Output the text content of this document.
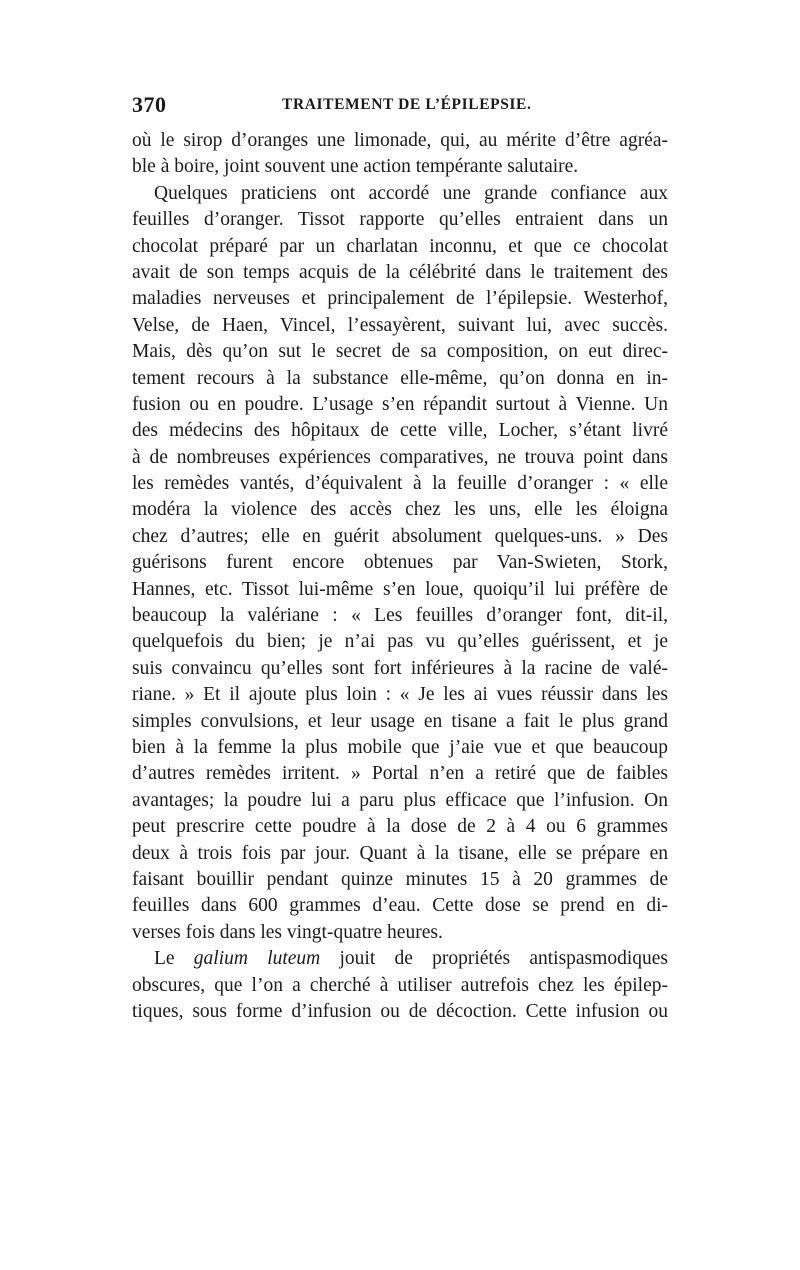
370	TRAITEMENT DE L’ÉPILEPSIE.
où le sirop d’oranges une limonade, qui, au mérite d’être agréa-
ble à boire, joint souvent une action tempérante salutaire.
Quelques praticiens ont accordé une grande confiance aux
feuilles d’oranger. Tissot rapporte qu’elles entraient dans un
chocolat préparé par un charlatan inconnu, et que ce chocolat
avait de son temps acquis de la célébrité dans le traitement des
maladies nerveuses et principalement de l’épilepsie. Westerhof,
Velse, de Haen, Vincel, l’essayèrent, suivant lui, avec succès.
Mais, dès qu’on sut le secret de sa composition, on eut direc-
tement recours à la substance elle-même, qu’on donna en in-
fusion ou en poudre. L’usage s’en répandit surtout à Vienne. Un
des médecins des hôpitaux de cette ville, Locher, s’étant livré
à de nombreuses expériences comparatives, ne trouva point dans
les remèdes vantés, d’équivalent à la feuille d’oranger : « elle
modéra la violence des accès chez les uns, elle les éloigna
chez d’autres; elle en guérit absolument quelques-uns. » Des
guérisons furent encore obtenues par Van-Swieten, Stork,
Hannes, etc. Tissot lui-même s’en loue, quoiqu’il lui préfère de
beaucoup la valériane : « Les feuilles d’oranger font, dit-il,
quelquefois du bien; je n’ai pas vu qu’elles guérissent, et je
suis convaincu qu’elles sont fort inférieures à la racine de valé-
riane. » Et il ajoute plus loin : « Je les ai vues réussir dans les
simples convulsions, et leur usage en tisane a fait le plus grand
bien à la femme la plus mobile que j’aie vue et que beaucoup
d’autres remèdes irritent. » Portal n’en a retiré que de faibles
avantages; la poudre lui a paru plus efficace que l’infusion. On
peut prescrire cette poudre à la dose de 2 à 4 ou 6 grammes
deux à trois fois par jour. Quant à la tisane, elle se prépare en
faisant bouillir pendant quinze minutes 15 à 20 grammes de
feuilles dans 600 grammes d’eau. Cette dose se prend en di-
verses fois dans les vingt-quatre heures.
Le galium luteum jouit de propriétés antispasmodiques
obscures, que l’on a cherché à utiliser autrefois chez les épilep-
tiques, sous forme d’infusion ou de décoction. Cette infusion ou
